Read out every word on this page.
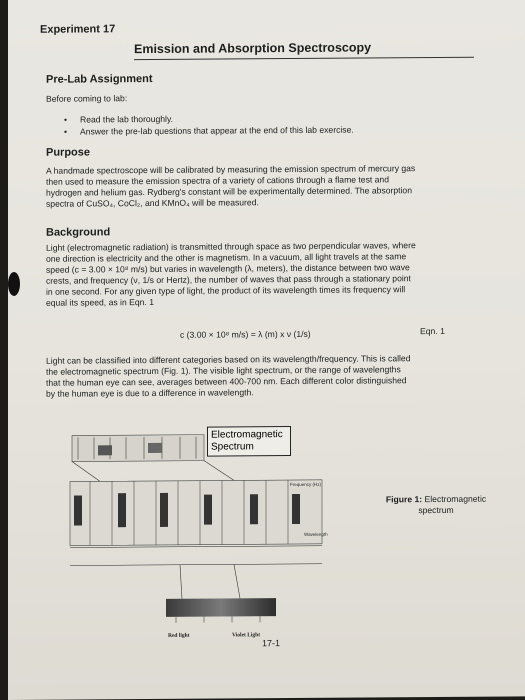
Experiment 17
Emission and Absorption Spectroscopy
Pre-Lab Assignment
Before coming to lab:
• Read the lab thoroughly.
• Answer the pre-lab questions that appear at the end of this lab exercise.
Purpose
A handmade spectroscope will be calibrated by measuring the emission spectrum of mercury gas
then used to measure the emission spectra of a variety of cations through a flame test and
hydrogen and helium gas. Rydberg's constant will be experimentally determined. The absorption
spectra of CuSO₄, CoCl₂, and KMnO₄ will be measured.
Background
Light (electromagnetic radiation) is transmitted through space as two perpendicular waves, where
one direction is electricity and the other is magnetism. In a vacuum, all light travels at the same
speed (c = 3.00 × 10⁸ m/s) but varies in wavelength (λ, meters), the distance between two wave
crests, and frequency (ν, 1/s or Hertz), the number of waves that pass through a stationary point
in one second. For any given type of light, the product of its wavelength times its frequency will
equal its speed, as in Eqn. 1
c (3.00 × 10⁸ m/s) = λ (m) x ν (1/s)	Eqn. 1
Light can be classified into different categories based on its wavelength/frequency. This is called
the electromagnetic spectrum (Fig. 1). The visible light spectrum, or the range of wavelengths
that the human eye can see, averages between 400-700 nm. Each different color distinguished
by the human eye is due to a difference in wavelength.
Frequency (Hz)
Wavelength
Red light	Violet Light
Electromagnetic
Spectrum
Figure 1: Electromagnetic spectrum
17-1
